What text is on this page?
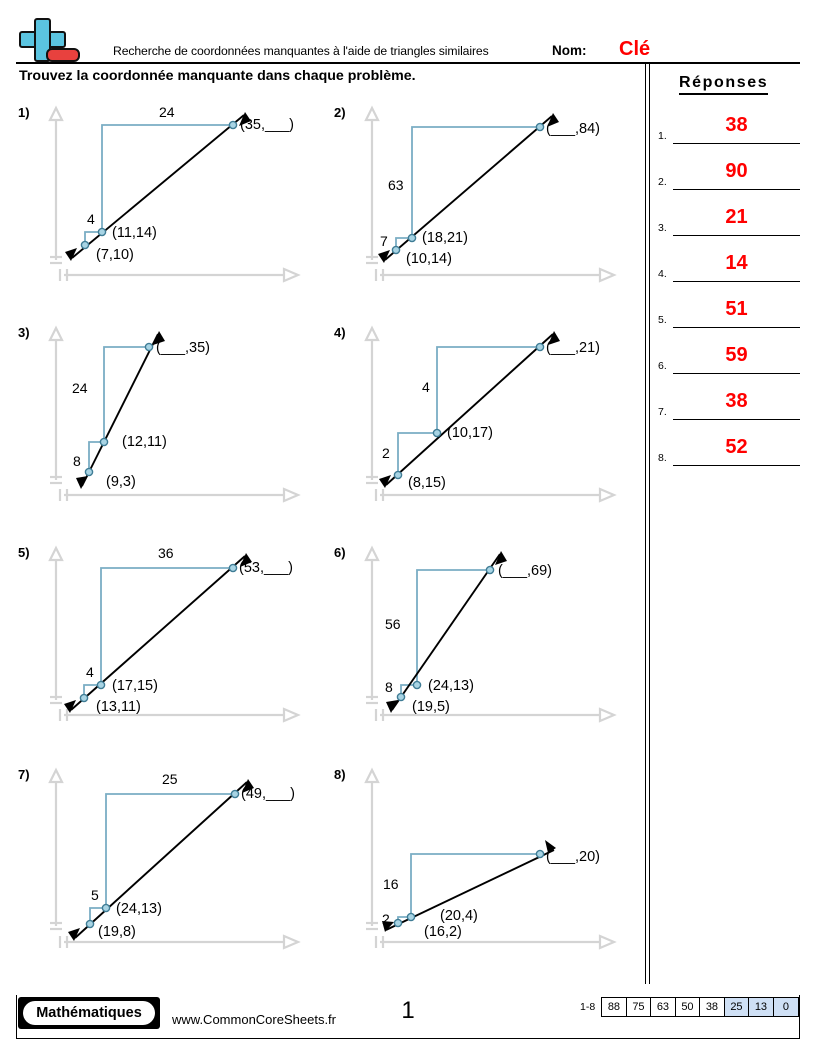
Recherche de coordonnées manquantes à l'aide de triangles similaires	Nom: Clé
Trouvez la coordonnée manquante dans chaque problème.	Réponses
1.	38
2.	90
3.	21
4.	14
5.	51
6.	59
7.	38
8.	52
1)
(35,___)
(11,14)
(7,10)
4
24	2)
(___,84)
(18,21)
(10,14)
7
63
3)
(___,35)
(12,11)
(9,3)
8
24
4)
(___,21)
(10,17)
(8,15)
2
4
5)
(53,___)
(17,15)
(13,11)
4
36	6)
(___,69)
(24,13)
(19,5)
8
56
7)
(49,___)
(24,13)
(19,8)
5
25	8)
(___,20)
(20,4)
(16,2)
2
16
Mathématiques	www.CommonCoreSheets.fr	1	1-8	88	75	63	50	38	25	13	0
